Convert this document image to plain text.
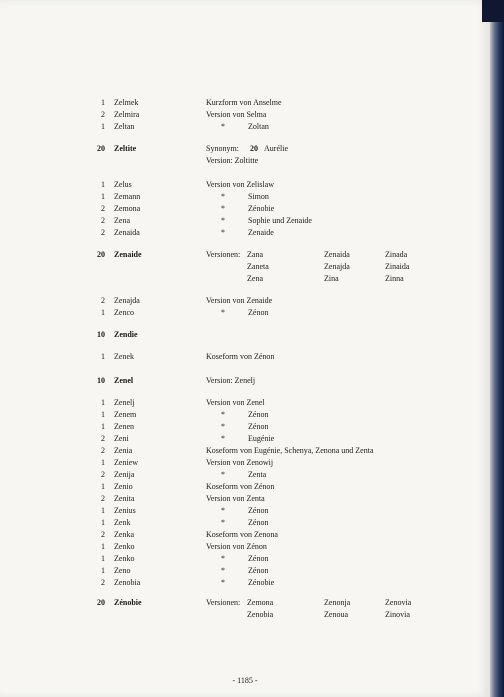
1 Zelmek	Kurzform von Anselme
2 Zelmira	Version von Selma
1 Zeltan	*	Zoltan
20 Zeltite	Synonym: 20 Aurélie
Version: Zoltitte
1 Zelus	Version von Zelislaw
1 Zemann	*	Simon
2 Zemona	*	Zénobie
2 Zena	*	Sophie und Zenaide
2 Zenaida	*	Zenaide
20 Zenaide	Versionen: Zana	Zenaida	Zinada
Zaneta	Zenajda	Zinaida
Zena	Zina	Zinna
2 Zenajda	Version von Zenaide
1 Zenco	*	Zénon
10 Zendie
1 Zenek	Koseform von Zénon
10 Zenel	Version: Zenelj
1 Zenelj	Version von Zenel
1 Zenem	*	Zénon
1 Zenen	*	Zénon
2 Zeni	*	Eugénie
2 Zenia	Koseform von Eugénie, Schenya, Zenona und Zenta
1 Zeniew	Version von Zenowij
2 Zenija	*	Zenta
1 Zenio	Koseform von Zénon
2 Zenita	Version von Zenta
1 Zenius	*	Zénon
1 Zenk	*	Zénon
2 Zenka	Koseform von Zenona
1 Zenko	Version von Zénon
1 Zenko	*	Zénon
1 Zeno	*	Zénon
2 Zenobia	*	Zénobie
20 Zénobie	Versionen: Zemona	Zenonja	Zenovia
Zenobia	Zenoua	Zinovia
- 1185 -
